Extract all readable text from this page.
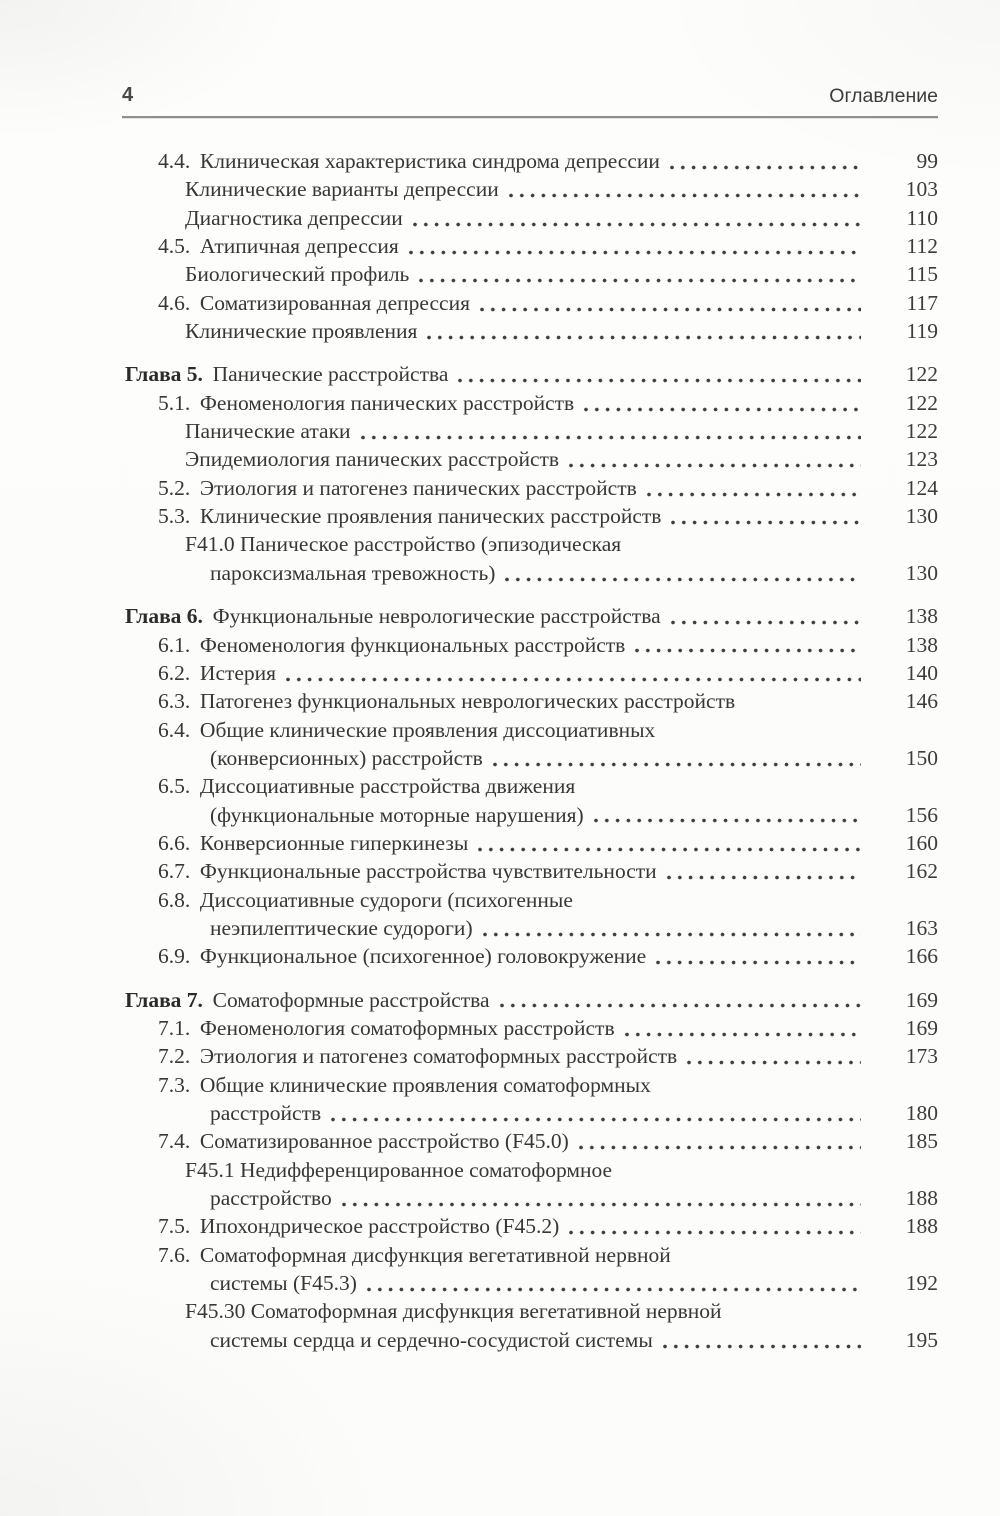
4	Оглавление
4.4. Клиническая характеристика синдрома депрессии	99
Клинические варианты депрессии	103
Диагностика депрессии	110
4.5. Атипичная депрессия	112
Биологический профиль	115
4.6. Соматизированная депрессия	117
Клинические проявления	119
Глава 5. Панические расстройства	122
5.1. Феноменология панических расстройств	122
Панические атаки	122
Эпидемиология панических расстройств	123
5.2. Этиология и патогенез панических расстройств	124
5.3. Клинические проявления панических расстройств	130
F41.0 Паническое расстройство (эпизодическая
пароксизмальная тревожность)	130
Глава 6. Функциональные неврологические расстройства	138
6.1. Феноменология функциональных расстройств	138
6.2. Истерия	140
6.3. Патогенез функциональных неврологических расстройств	146
6.4. Общие клинические проявления диссоциативных
(конверсионных) расстройств	150
6.5. Диссоциативные расстройства движения
(функциональные моторные нарушения)	156
6.6. Конверсионные гиперкинезы	160
6.7. Функциональные расстройства чувствительности	162
6.8. Диссоциативные судороги (психогенные
неэпилептические судороги)	163
6.9. Функциональное (психогенное) головокружение	166
Глава 7. Соматоформные расстройства	169
7.1. Феноменология соматоформных расстройств	169
7.2. Этиология и патогенез соматоформных расстройств	173
7.3. Общие клинические проявления соматоформных
расстройств	180
7.4. Соматизированное расстройство (F45.0)	185
F45.1 Недифференцированное соматоформное
расстройство	188
7.5. Ипохондрическое расстройство (F45.2)	188
7.6. Соматоформная дисфункция вегетативной нервной
системы (F45.3)	192
F45.30 Соматоформная дисфункция вегетативной нервной
системы сердца и сердечно-сосудистой системы	195
